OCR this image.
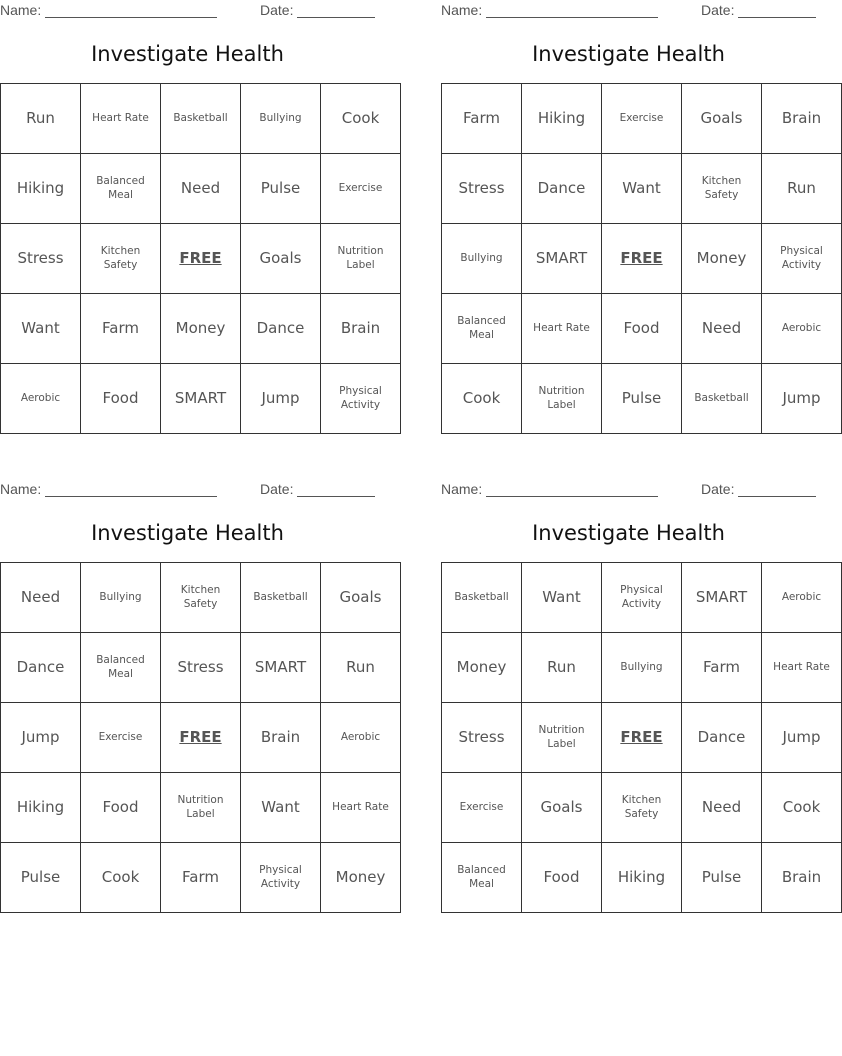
Name:	Date:
Investigate Health
Run	Heart Rate	Basketball	Bullying	Cook
Hiking	Balanced Meal	Need	Pulse	Exercise
Stress	Kitchen Safety	FREE	Goals	Nutrition Label
Want	Farm	Money	Dance	Brain
Aerobic	Food	SMART	Jump	Physical Activity
Name:	Date:
Investigate Health
Farm	Hiking	Exercise	Goals	Brain
Stress	Dance	Want	Kitchen Safety	Run
Bullying	SMART	FREE	Money	Physical Activity
Balanced Meal	Heart Rate	Food	Need	Aerobic
Cook	Nutrition Label	Pulse	Basketball	Jump
Name:	Date:
Investigate Health
Need	Bullying	Kitchen Safety	Basketball	Goals
Dance	Balanced Meal	Stress	SMART	Run
Jump	Exercise	FREE	Brain	Aerobic
Hiking	Food	Nutrition Label	Want	Heart Rate
Pulse	Cook	Farm	Physical Activity	Money
Name:	Date:
Investigate Health
Basketball	Want	Physical Activity	SMART	Aerobic
Money	Run	Bullying	Farm	Heart Rate
Stress	Nutrition Label	FREE	Dance	Jump
Exercise	Goals	Kitchen Safety	Need	Cook
Balanced Meal	Food	Hiking	Pulse	Brain
